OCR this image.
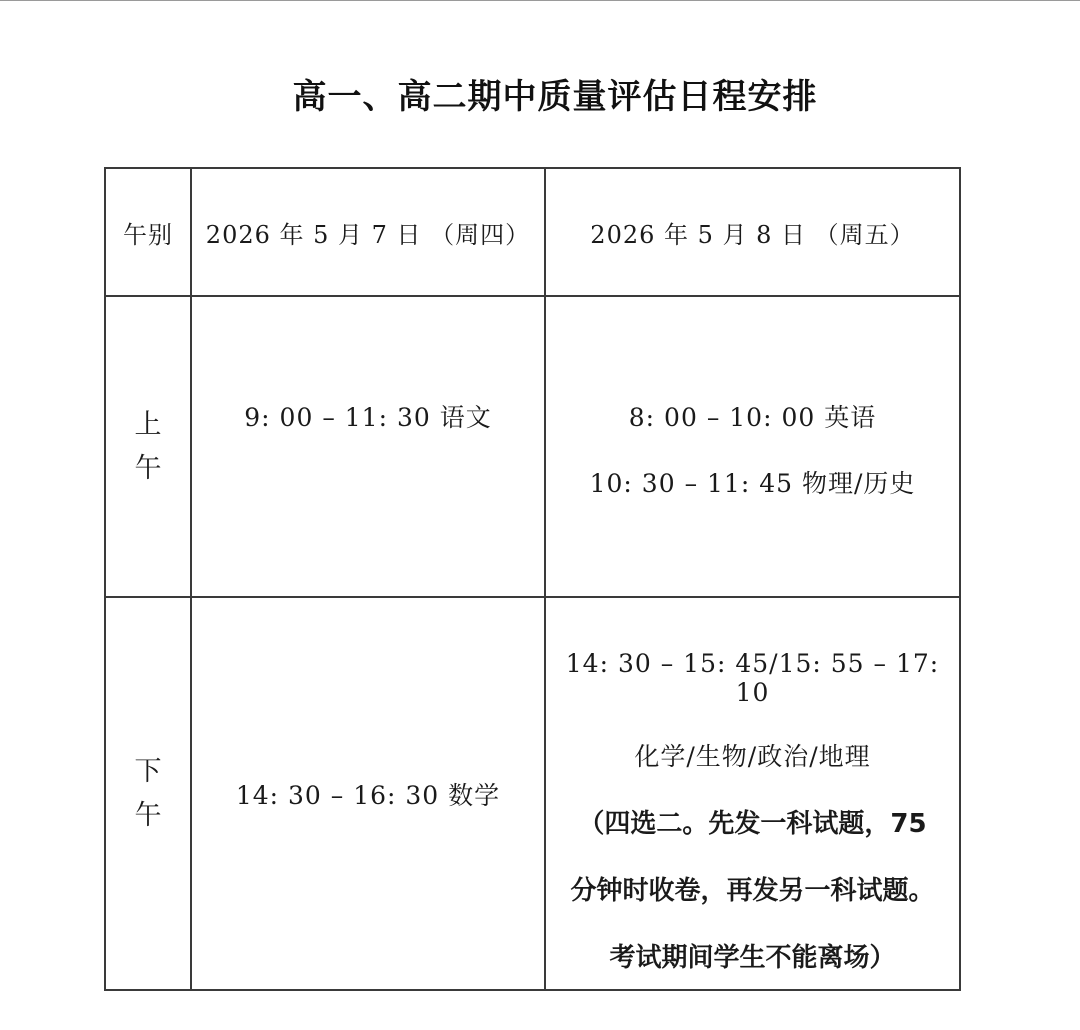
高一、高二期中质量评估日程安排
午别	2026 年 5 月 7 日 （周四）	2026 年 5 月 8 日 （周五）

上
午	9: 00 – 11: 30 语文	8: 00 – 10: 00 英语
10: 30 – 11: 45 物理/历史

下
午	14: 30 – 16: 30 数学	14: 30 – 15: 45/15: 55 – 17: 10
化学/生物/政治/地理
（四选二。先发一科试题，75
分钟时收卷，再发另一科试题。
考试期间学生不能离场）
